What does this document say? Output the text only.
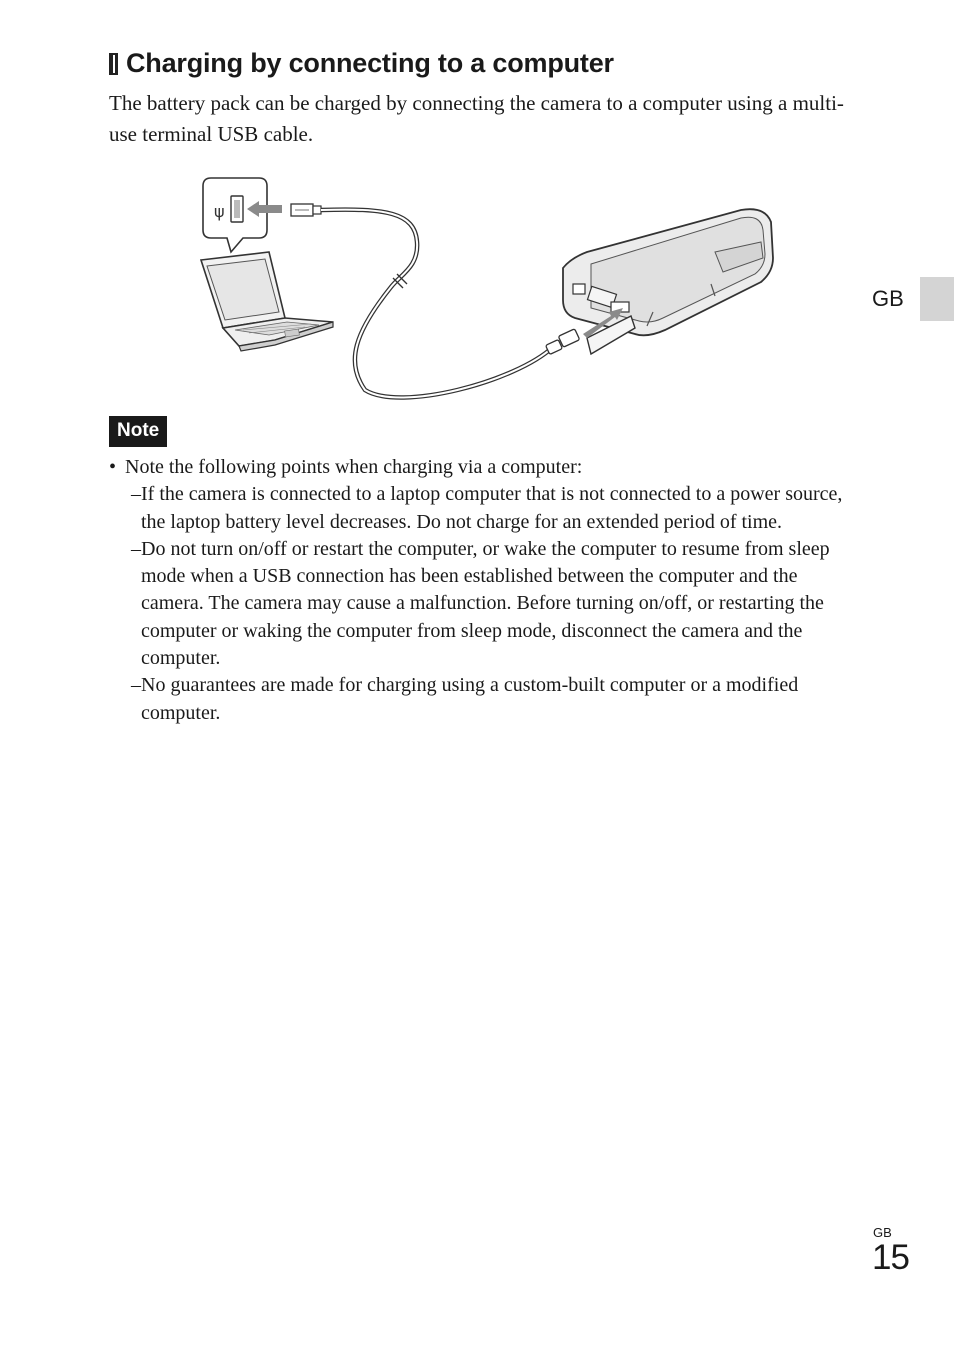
Charging by connecting to a computer

The battery pack can be charged by connecting the camera to a computer using a multi-use terminal USB cable.

ψ
Note
• Note the following points when charging via a computer:
– If the camera is connected to a laptop computer that is not connected to a power source, the laptop battery level decreases. Do not charge for an extended period of time.
– Do not turn on/off or restart the computer, or wake the computer to resume from sleep mode when a USB connection has been established between the computer and the camera. The camera may cause a malfunction. Before turning on/off, or restarting the computer or waking the computer from sleep mode, disconnect the camera and the computer.
– No guarantees are made for charging using a custom-built computer or a modified computer.
GB
GB
15
